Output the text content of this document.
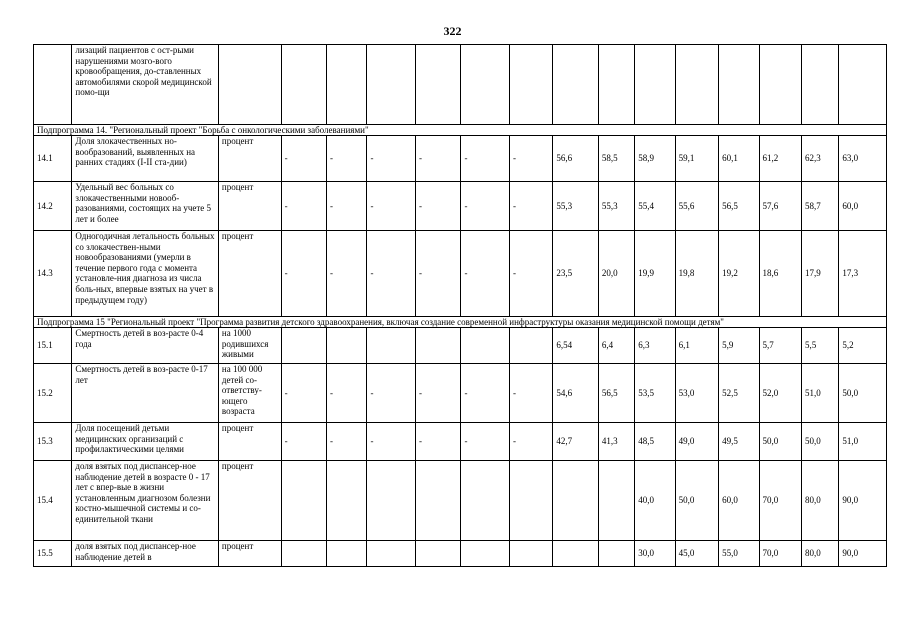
322
	лизаций пациентов с ост-рыми нарушениями мозго-вого кровообращения, до-ставленных автомобилями скорой медицинской помо-щи															
Подпрограмма 14. "Региональный проект "Борьба с онкологическими заболеваниями"																
14.1	Доля злокачественных но-вообразований, выявленных на ранних стадиях (I-II ста-дии)	процент	-	-	-	-	-	-	56,6	58,5	58,9	59,1	60,1	61,2	62,3	63,0
14.2	Удельный вес больных со злокачественными новооб-разованиями, состоящих на учете 5 лет и более	процент	-	-	-	-	-	-	55,3	55,3	55,4	55,6	56,5	57,6	58,7	60,0
14.3	Одногодичная летальность больных со злокачествен-ными новообразованиями (умерли в течение первого года с момента установле-ния диагноза из числа боль-ных, впервые взятых на учет в предыдущем году)	процент	-	-	-	-	-	-	23,5	20,0	19,9	19,8	19,2	18,6	17,9	17,3
Подпрограмма 15 "Региональный проект "Программа развития детского здравоохранения, включая создание современной инфраструктуры оказания медицинской помощи детям"																
15.1	Смертность детей в воз-расте 0-4 года	на 1000 родившихся живыми							6,54	6,4	6,3	6,1	5,9	5,7	5,5	5,2
15.2	Смертность детей в воз-расте 0-17 лет	на 100 000 детей со-ответству-ющего возраста	-	-	-	-	-	-	54,6	56,5	53,5	53,0	52,5	52,0	51,0	50,0
15.3	Доля посещений детьми медицинских организаций с профилактическими целями	процент	-	-	-	-	-	-	42,7	41,3	48,5	49,0	49,5	50,0	50,0	51,0
15.4	доля взятых под диспансер-ное наблюдение детей в возрасте 0 - 17 лет с впер-вые в жизни установленным диагнозом болезни костно-мышечной системы и со-единительной ткани	процент									40,0	50,0	60,0	70,0	80,0	90,0
15.5	доля взятых под диспансер-ное наблюдение детей в	процент									30,0	45,0	55,0	70,0	80,0	90,0
